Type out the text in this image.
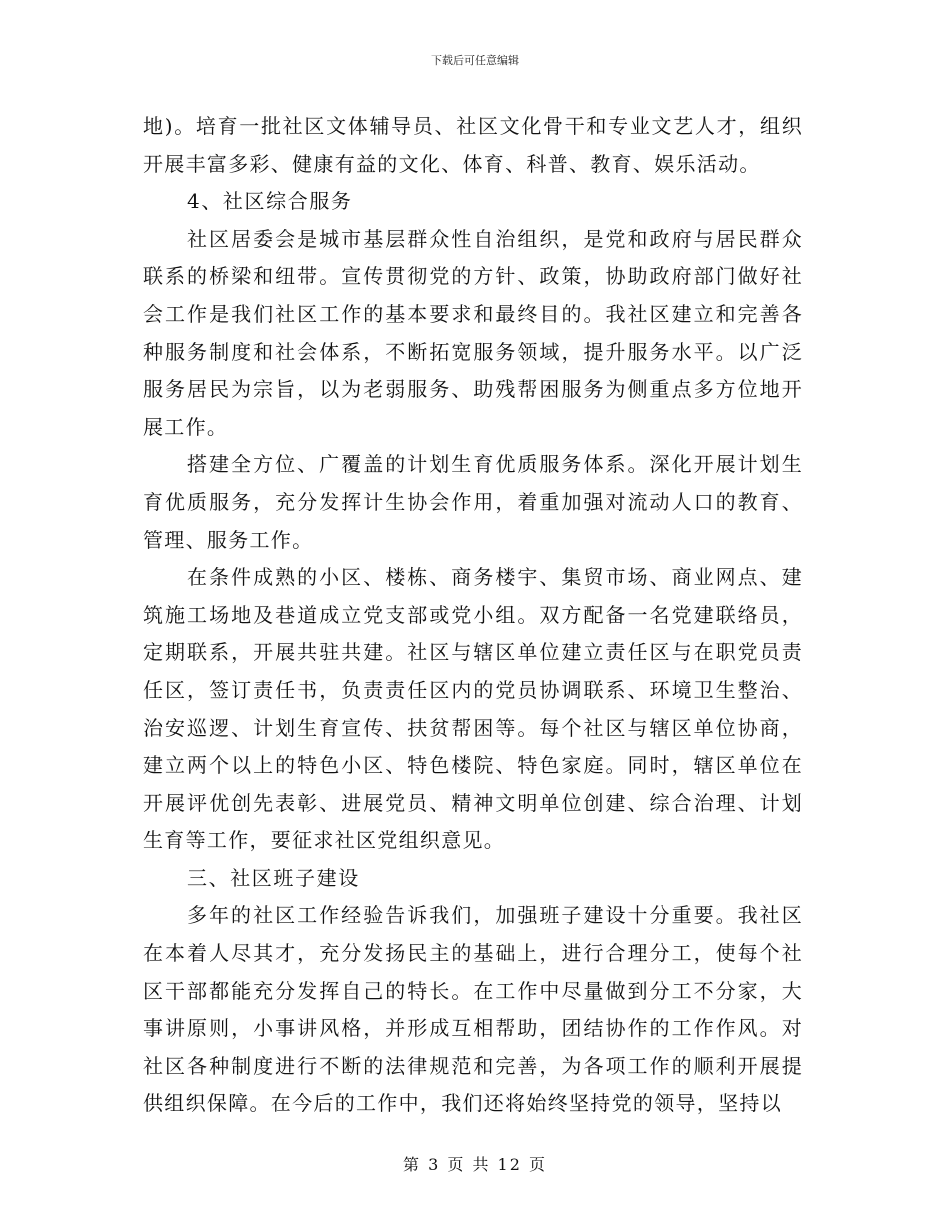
下载后可任意编辑

地)。培育一批社区文体辅导员、社区文化骨干和专业文艺人才，组织开展丰富多彩、健康有益的文化、体育、科普、教育、娱乐活动。

4、社区综合服务

社区居委会是城市基层群众性自治组织，是党和政府与居民群众联系的桥梁和纽带。宣传贯彻党的方针、政策，协助政府部门做好社会工作是我们社区工作的基本要求和最终目的。我社区建立和完善各种服务制度和社会体系，不断拓宽服务领域，提升服务水平。以广泛服务居民为宗旨，以为老弱服务、助残帮困服务为侧重点多方位地开展工作。

搭建全方位、广覆盖的计划生育优质服务体系。深化开展计划生育优质服务，充分发挥计生协会作用，着重加强对流动人口的教育、管理、服务工作。

在条件成熟的小区、楼栋、商务楼宇、集贸市场、商业网点、建筑施工场地及巷道成立党支部或党小组。双方配备一名党建联络员，定期联系，开展共驻共建。社区与辖区单位建立责任区与在职党员责任区，签订责任书，负责责任区内的党员协调联系、环境卫生整治、治安巡逻、计划生育宣传、扶贫帮困等。每个社区与辖区单位协商，建立两个以上的特色小区、特色楼院、特色家庭。同时，辖区单位在开展评优创先表彰、进展党员、精神文明单位创建、综合治理、计划生育等工作，要征求社区党组织意见。

三、社区班子建设

多年的社区工作经验告诉我们，加强班子建设十分重要。我社区在本着人尽其才，充分发扬民主的基础上，进行合理分工，使每个社区干部都能充分发挥自己的特长。在工作中尽量做到分工不分家，大事讲原则，小事讲风格，并形成互相帮助，团结协作的工作作风。对社区各种制度进行不断的法律规范和完善，为各项工作的顺利开展提供组织保障。在今后的工作中，我们还将始终坚持党的领导，坚持以

第 3 页 共 12 页
